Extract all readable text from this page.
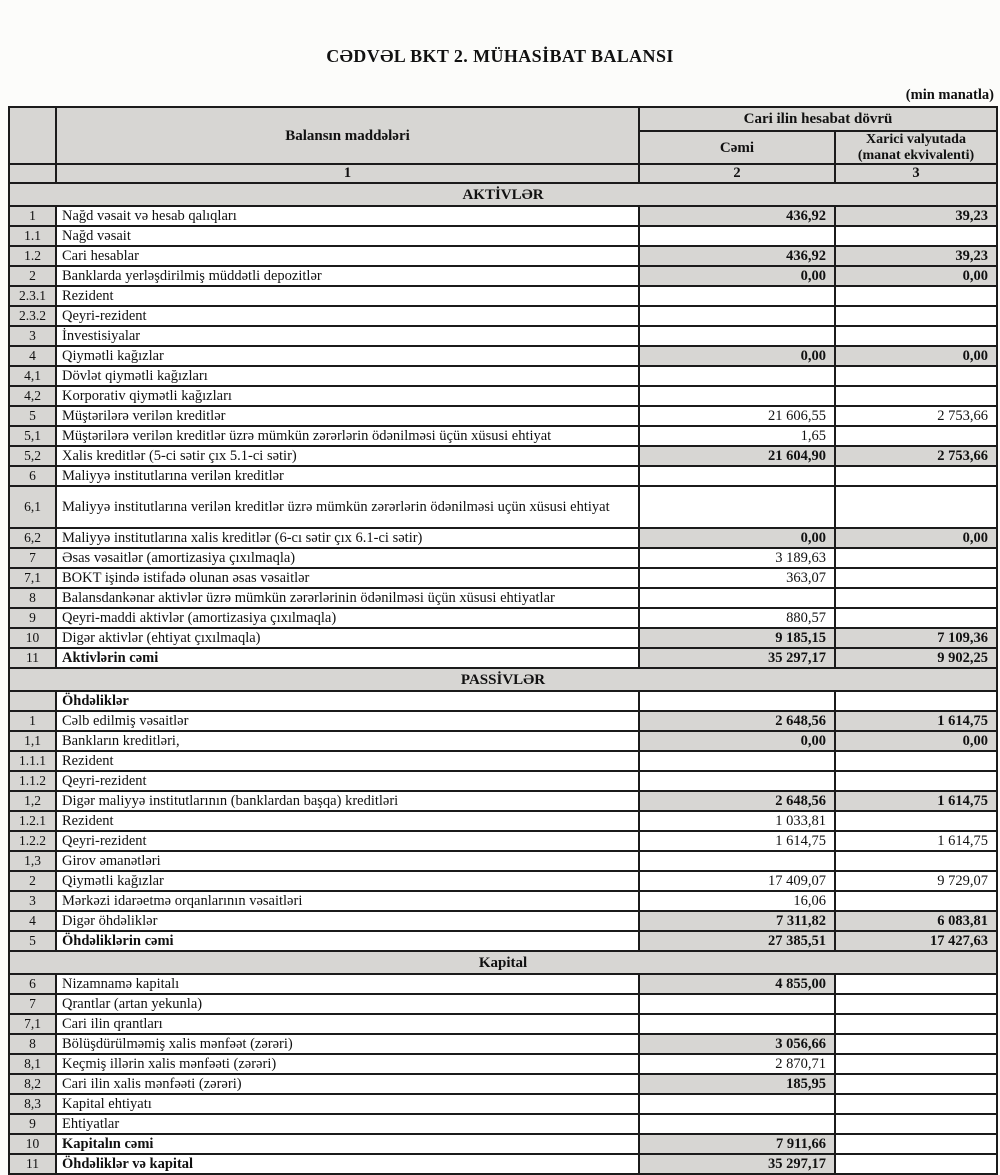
CƏDVƏL BKT 2. MÜHASİBAT BALANSI
(min manatla)
	Balansın maddələri	Cari ilin hesabat dövrü	
		Cəmi	Xarici valyutada
(manat ekvivalenti)
	1	2	3
AKTİVLƏR			
1	Nağd vəsait və hesab qalıqları	436,92	39,23
1.1	Nağd vəsait		
1.2	Cari hesablar	436,92	39,23
2	Banklarda yerləşdirilmiş müddətli depozitlər	0,00	0,00
2.3.1	Rezident		
2.3.2	Qeyri-rezident		
3	İnvestisiyalar		
4	Qiymətli kağızlar	0,00	0,00
4,1	Dövlət qiymətli kağızları		
4,2	Korporativ qiymətli kağızları		
5	Müştərilərə verilən kreditlər	21 606,55	2 753,66
5,1	Müştərilərə verilən kreditlər üzrə mümkün zərərlərin ödənilməsi üçün xüsusi ehtiyat	1,65	
5,2	Xalis kreditlər (5-ci sətir çıx 5.1-ci sətir)	21 604,90	2 753,66
6	Maliyyə institutlarına verilən kreditlər		
6,1	Maliyyə institutlarına verilən kreditlər üzrə mümkün zərərlərin ödənilməsi uçün xüsusi ehtiyat		
6,2	Maliyyə institutlarına xalis kreditlər (6-cı sətir çıx 6.1-ci sətir)	0,00	0,00
7	Əsas vəsaitlər (amortizasiya çıxılmaqla)	3 189,63	
7,1	BOKT işində istifadə olunan əsas vəsaitlər	363,07	
8	Balansdankənar aktivlər üzrə mümkün zərərlərinin ödənilməsi üçün xüsusi ehtiyatlar		
9	Qeyri-maddi aktivlər (amortizasiya çıxılmaqla)	880,57	
10	Digər aktivlər (ehtiyat çıxılmaqla)	9 185,15	7 109,36
11	Aktivlərin cəmi	35 297,17	9 902,25
PASSİVLƏR			
	Öhdəliklər		
1	Cəlb edilmiş vəsaitlər	2 648,56	1 614,75
1,1	Bankların kreditləri,	0,00	0,00
1.1.1	Rezident		
1.1.2	Qeyri-rezident		
1,2	Digər maliyyə institutlarının (banklardan başqa) kreditləri	2 648,56	1 614,75
1.2.1	Rezident	1 033,81	
1.2.2	Qeyri-rezident	1 614,75	1 614,75
1,3	Girov əmanətləri		
2	Qiymətli kağızlar	17 409,07	9 729,07
3	Mərkəzi idarəetmə orqanlarının vəsaitləri	16,06	
4	Digər öhdəliklər	7 311,82	6 083,81
5	Öhdəliklərin cəmi	27 385,51	17 427,63
Kapital			
6	Nizamnamə kapitalı	4 855,00	
7	Qrantlar (artan yekunla)		
7,1	Cari ilin qrantları		
8	Bölüşdürülməmiş xalis mənfəət (zərəri)	3 056,66	
8,1	Keçmiş illərin xalis mənfəəti (zərəri)	2 870,71	
8,2	Cari ilin xalis mənfəəti (zərəri)	185,95	
8,3	Kapital ehtiyatı		
9	Ehtiyatlar		
10	Kapitalın cəmi	7 911,66	
11	Öhdəliklər və kapital	35 297,17	
